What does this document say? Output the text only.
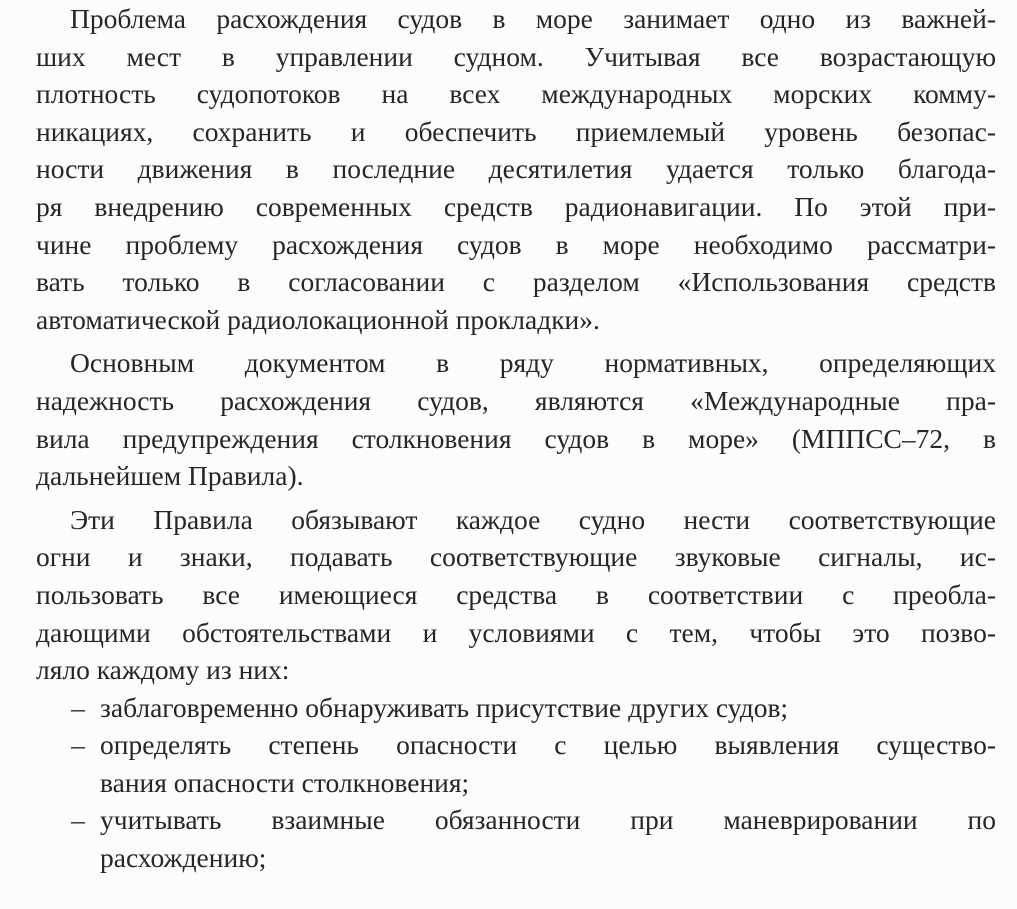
Проблема расхождения судов в море занимает одно из важней-
ших мест в управлении судном. Учитывая все возрастающую
плотность судопотоков на всех международных морских комму-
никациях, сохранить и обеспечить приемлемый уровень безопас-
ности движения в последние десятилетия удается только благода-
ря внедрению современных средств радионавигации. По этой при-
чине проблему расхождения судов в море необходимо рассматри-
вать только в согласовании с разделом «Использования средств
автоматической радиолокационной прокладки».
Основным документом в ряду нормативных, определяющих
надежность расхождения судов, являются «Международные пра-
вила предупреждения столкновения судов в море» (МППСС–72, в
дальнейшем Правила).
Эти Правила обязывают каждое судно нести соответствующие
огни и знаки, подавать соответствующие звуковые сигналы, ис-
пользовать все имеющиеся средства в соответствии с преобла-
дающими обстоятельствами и условиями с тем, чтобы это позво-
ляло каждому из них:
– заблаговременно обнаруживать присутствие других судов;
– определять степень опасности с целью выявления существо-
вания опасности столкновения;
– учитывать взаимные обязанности при маневрировании по
расхождению;
